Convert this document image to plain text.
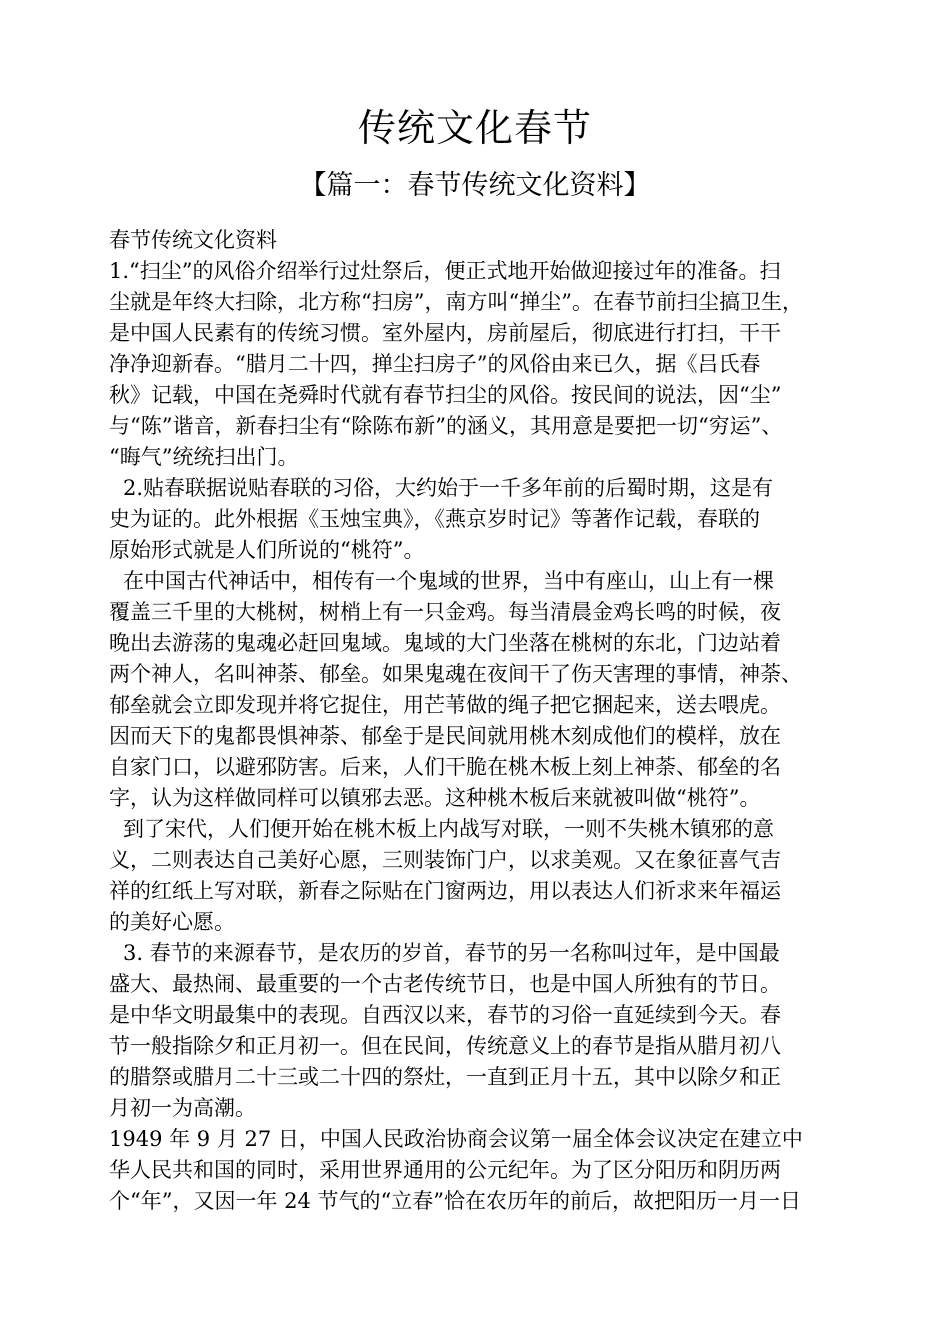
传统文化春节
【篇一：春节传统文化资料】
春节传统文化资料
1.“扫尘”的风俗介绍举行过灶祭后，便正式地开始做迎接过年的准备。扫
尘就是年终大扫除，北方称“扫房”，南方叫“掸尘”。在春节前扫尘搞卫生，
是中国人民素有的传统习惯。室外屋内，房前屋后，彻底进行打扫，干干
净净迎新春。“腊月二十四，掸尘扫房子”的风俗由来已久，据《吕氏春
秋》记载，中国在尧舜时代就有春节扫尘的风俗。按民间的说法，因“尘”
与“陈”谐音，新春扫尘有“除陈布新”的涵义，其用意是要把一切“穷运”、
“晦气”统统扫出门。
2.贴春联据说贴春联的习俗，大约始于一千多年前的后蜀时期，这是有
史为证的。此外根据《玉烛宝典》，《燕京岁时记》等著作记载，春联的
原始形式就是人们所说的“桃符”。
在中国古代神话中，相传有一个鬼域的世界，当中有座山，山上有一棵
覆盖三千里的大桃树，树梢上有一只金鸡。每当清晨金鸡长鸣的时候，夜
晚出去游荡的鬼魂必赶回鬼域。鬼域的大门坐落在桃树的东北，门边站着
两个神人，名叫神荼、郁垒。如果鬼魂在夜间干了伤天害理的事情，神荼、
郁垒就会立即发现并将它捉住，用芒苇做的绳子把它捆起来，送去喂虎。
因而天下的鬼都畏惧神荼、郁垒于是民间就用桃木刻成他们的模样，放在
自家门口，以避邪防害。后来，人们干脆在桃木板上刻上神荼、郁垒的名
字，认为这样做同样可以镇邪去恶。这种桃木板后来就被叫做“桃符”。
到了宋代，人们便开始在桃木板上内战写对联，一则不失桃木镇邪的意
义，二则表达自己美好心愿，三则装饰门户，以求美观。又在象征喜气吉
祥的红纸上写对联，新春之际贴在门窗两边，用以表达人们祈求来年福运
的美好心愿。
3. 春节的来源春节，是农历的岁首，春节的另一名称叫过年，是中国最
盛大、最热闹、最重要的一个古老传统节日，也是中国人所独有的节日。
是中华文明最集中的表现。自西汉以来，春节的习俗一直延续到今天。春
节一般指除夕和正月初一。但在民间，传统意义上的春节是指从腊月初八
的腊祭或腊月二十三或二十四的祭灶，一直到正月十五，其中以除夕和正
月初一为高潮。
1949 年 9 月 27 日，中国人民政治协商会议第一届全体会议决定在建立中
华人民共和国的同时，采用世界通用的公元纪年。为了区分阳历和阴历两
个“年”，又因一年 24 节气的“立春”恰在农历年的前后，故把阳历一月一日
